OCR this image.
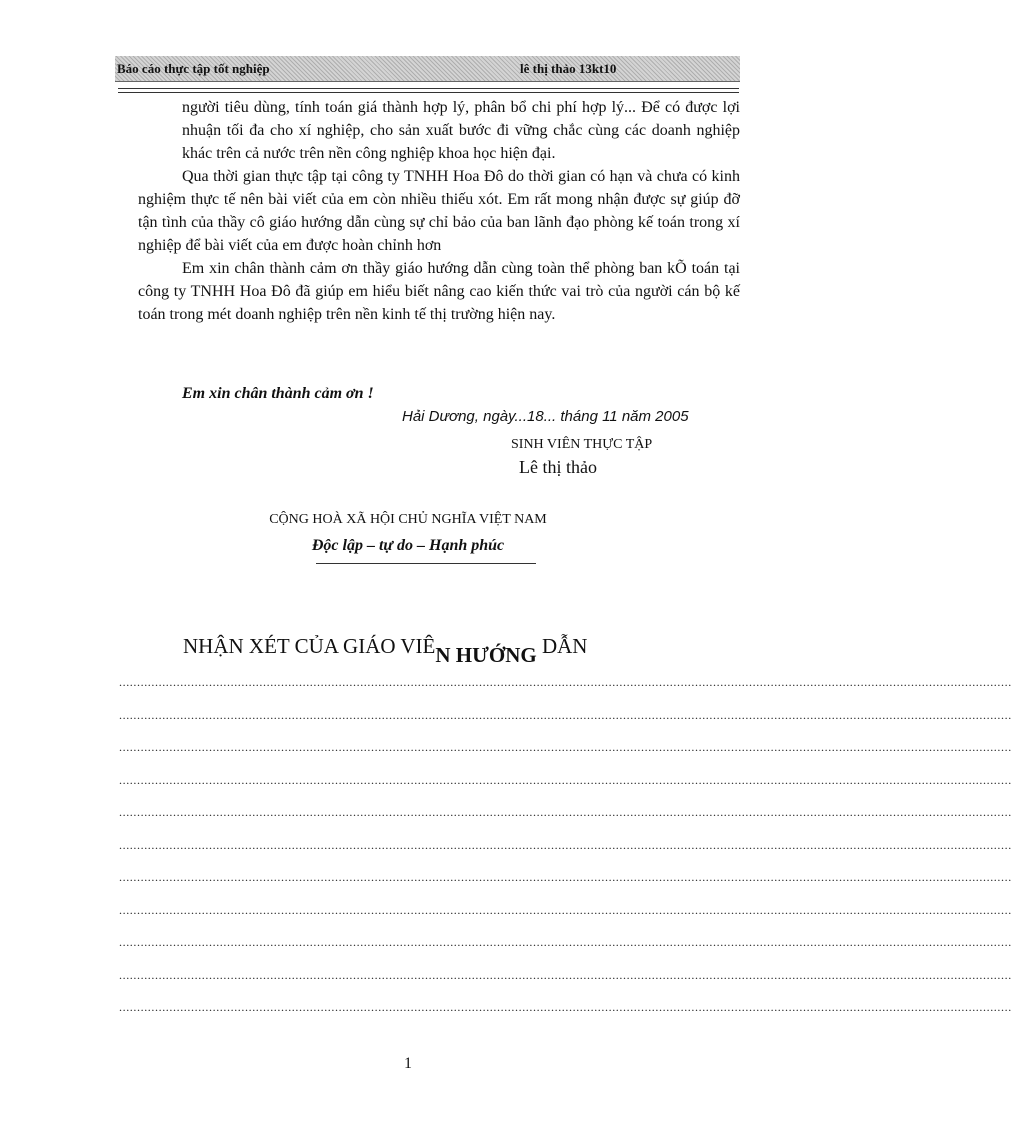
Báo cáo thực tập tốt nghiệp	lê thị thảo 13kt10

người tiêu dùng, tính toán giá thành hợp lý, phân bổ chi phí hợp lý... Để có được lợi nhuận tối đa cho xí nghiệp, cho sản xuất bước đi vững chắc cùng các doanh nghiệp khác trên cả nước trên nền công nghiệp khoa học hiện đại.

Qua thời gian thực tập tại công ty TNHH Hoa Đô do thời gian có hạn và chưa có kinh nghiệm thực tế nên bài viết của em còn nhiều thiếu xót. Em rất mong nhận được sự giúp đỡ tận tình của thầy cô giáo hướng dẫn cùng sự chỉ bảo của ban lãnh đạo phòng kế toán trong xí nghiệp để bài viết của em được hoàn chỉnh hơn

Em xin chân thành cảm ơn thầy giáo hướng dẫn cùng toàn thể phòng ban kÕ toán tại công ty TNHH Hoa Đô đã giúp em hiểu biết nâng cao kiến thức vai trò của người cán bộ kế toán trong mét doanh nghiệp trên nền kinh tế thị trường hiện nay.

Em xin chân thành cảm ơn !
Hải Dương, ngày...18... tháng 11 năm 2005
SINH VIÊN THỰC TẬP
Lê thị thảo
CỘNG HOÀ XÃ HỘI CHỦ NGHĨA VIỆT NAM
Độc lập – tự do – Hạnh phúc
NHẬN XÉT CỦA GIÁO VIÊN HƯỚNG DẪN
........................................................................................................................................................................................................................................................
........................................................................................................................................................................................................................................................
........................................................................................................................................................................................................................................................
........................................................................................................................................................................................................................................................
........................................................................................................................................................................................................................................................
........................................................................................................................................................................................................................................................
........................................................................................................................................................................................................................................................
........................................................................................................................................................................................................................................................
........................................................................................................................................................................................................................................................
........................................................................................................................................................................................................................................................
........................................................................................................................................................................................................................................................
1
